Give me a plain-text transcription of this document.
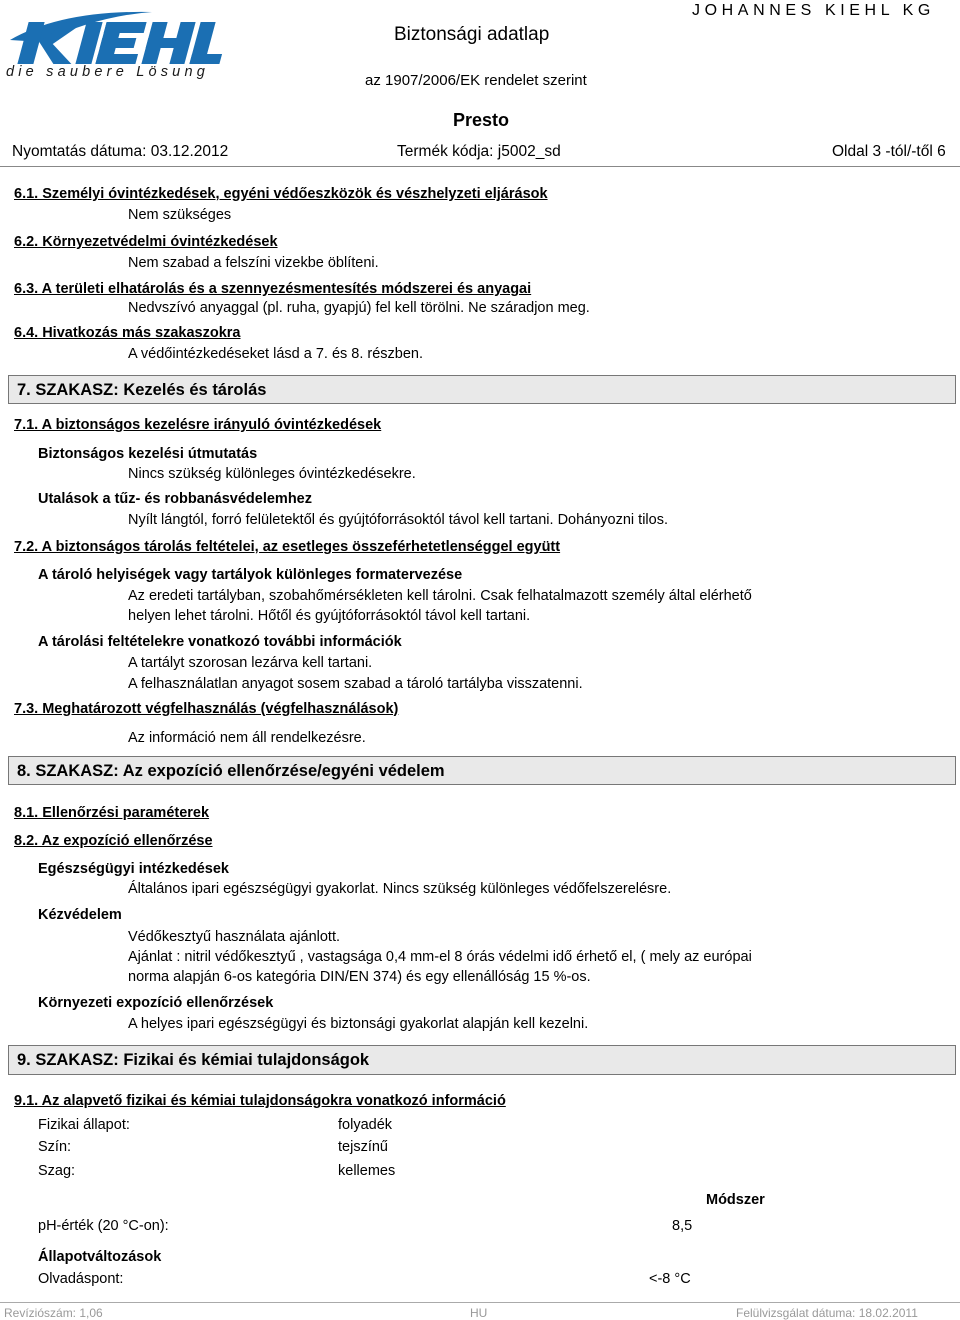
die saubere Lösung
Biztonsági adatlap
JOHANNES KIEHL KG
az 1907/2006/EK rendelet szerint
Presto
Nyomtatás dátuma: 03.12.2012	Termék kódja: j5002_sd	Oldal 3 -tól/-től 6
6.1. Személyi óvintézkedések, egyéni védőeszközök és vészhelyzeti eljárások
Nem szükséges
6.2. Környezetvédelmi óvintézkedések
Nem szabad a felszíni vizekbe öblíteni.
6.3. A területi elhatárolás és a szennyezésmentesítés módszerei és anyagai
Nedvszívó anyaggal (pl. ruha, gyapjú) fel kell törölni. Ne száradjon meg.
6.4. Hivatkozás más szakaszokra
A védőintézkedéseket lásd a 7. és 8. részben.
7. SZAKASZ: Kezelés és tárolás
7.1. A biztonságos kezelésre irányuló óvintézkedések
Biztonságos kezelési útmutatás
Nincs szükség különleges óvintézkedésekre.
Utalások a tűz- és robbanásvédelemhez
Nyílt lángtól, forró felületektől és gyújtóforrásoktól távol kell tartani. Dohányozni tilos.
7.2. A biztonságos tárolás feltételei, az esetleges összeférhetetlenséggel együtt
A tároló helyiségek vagy tartályok különleges formatervezése
Az eredeti tartályban, szobahőmérsékleten kell tárolni. Csak felhatalmazott személy által elérhető
helyen lehet tárolni. Hőtől és gyújtóforrásoktól távol kell tartani.
A tárolási feltételekre vonatkozó további információk
A tartályt szorosan lezárva kell tartani.
A felhasználatlan anyagot sosem szabad a tároló tartályba visszatenni.
7.3. Meghatározott végfelhasználás (végfelhasználások)
Az információ nem áll rendelkezésre.
8. SZAKASZ: Az expozíció ellenőrzése/egyéni védelem
8.1. Ellenőrzési paraméterek
8.2. Az expozíció ellenőrzése
Egészségügyi intézkedések
Általános ipari egészségügyi gyakorlat. Nincs szükség különleges védőfelszerelésre.
Kézvédelem
Védőkesztyű használata ajánlott.
Ajánlat : nitril védőkesztyű , vastagsága 0,4 mm-el 8 órás védelmi idő érhető el, ( mely az európai
norma alapján 6-os kategória DIN/EN 374) és egy ellenállóság 15 %-os.
Környezeti expozíció ellenőrzések
A helyes ipari egészségügyi és biztonsági gyakorlat alapján kell kezelni.
9. SZAKASZ: Fizikai és kémiai tulajdonságok
9.1. Az alapvető fizikai és kémiai tulajdonságokra vonatkozó információ
Fizikai állapot:	folyadék
Szín:	tejszínű
Szag:	kellemes
Módszer
pH-érték (20 °C-on):	8,5
Állapotváltozások
Olvadáspont:	<-8 °C
Revíziószám: 1,06	HU	Felülvizsgálat dátuma: 18.02.2011
